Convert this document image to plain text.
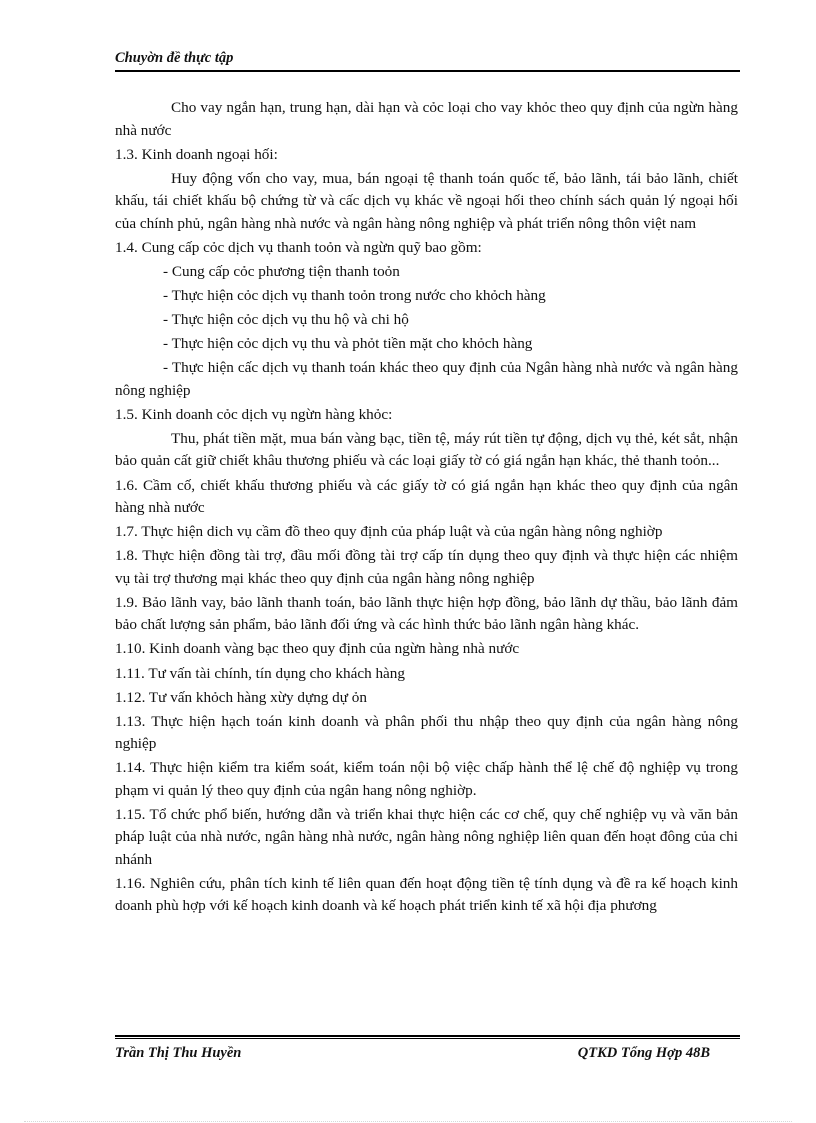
Chuyờn đề thực tập

Cho vay ngắn hạn, trung hạn, dài hạn và cỏc loại cho vay khỏc theo quy định của ngừn hàng nhà nước

1.3. Kinh doanh ngoại hối:

Huy động vốn cho vay, mua, bán ngoại tệ thanh toán quốc tế, bảo lãnh, tái bảo lãnh, chiết khấu, tái chiết khấu bộ chứng từ và cấc dịch vụ khác về ngoại hối theo chính sách quản lý ngoại hối của chính phủ, ngân hàng nhà nước và ngân hàng nông nghiệp và phát triển nông thôn việt nam

1.4. Cung cấp cỏc dịch vụ thanh toỏn và ngừn quỹ bao gồm:

- Cung cấp cỏc phương tiện thanh toỏn

- Thực hiện cỏc dịch vụ thanh toỏn trong nước cho khỏch hàng

- Thực hiện cỏc dịch vụ thu hộ và chi hộ

- Thực hiện cỏc dịch vụ thu và phỏt tiền mặt cho khỏch hàng

- Thực hiện cấc dịch vụ thanh toán khác theo quy định của Ngân hàng nhà nước và ngân hàng nông nghiệp

1.5. Kinh doanh cỏc dịch vụ ngừn hàng khỏc:

Thu, phát tiền mặt, mua bán vàng bạc, tiền tệ, máy rút tiền tự động, dịch vụ thẻ, két sắt, nhận bảo quản cất giữ chiết khâu thương phiếu và các loại giấy tờ có giá ngắn hạn khác, thẻ thanh toỏn...

1.6. Cầm cố, chiết khấu thương phiếu và các giấy tờ có giá ngắn hạn khác theo quy định của ngân hàng nhà nước

1.7. Thực hiện dich vụ cầm đồ theo quy định của pháp luật và của ngân hàng nông nghiờp

1.8. Thực hiện đồng tài trợ, đầu mối đồng tài trợ cấp tín dụng theo quy định và thực hiện các nhiệm vụ tài trợ thương mại khác theo quy định của ngân hàng nông nghiệp

1.9. Bảo lãnh vay, bảo lãnh thanh toán, bảo lãnh thực hiện hợp đồng, bảo lãnh dự thầu, bảo lãnh đảm bảo chất lượng sản phẩm, bảo lãnh đối ứng và các hình thức bảo lãnh ngân hàng khác.

1.10. Kinh doanh vàng bạc theo quy định của ngừn hàng nhà nước

1.11. Tư vấn tài chính, tín dụng cho khách hàng

1.12. Tư vấn khỏch hàng xừy dựng dự ỏn

1.13. Thực hiện hạch toán kinh doanh và phân phối thu nhập theo quy định của ngân hàng nông nghiệp

1.14. Thực hiện kiểm tra kiểm soát, kiểm toán nội bộ việc chấp hành thể lệ chế độ nghiệp vụ trong phạm vi quản lý theo quy định của ngân hang nông nghiờp.

1.15. Tổ chức phổ biến, hướng dẫn và triển khai thực hiện các cơ chế, quy chế nghiệp vụ và văn bản pháp luật của nhà nước, ngân hàng nhà nước, ngân hàng nông nghiệp liên quan đến hoạt đông của chi nhánh

1.16. Nghiên cứu, phân tích kinh tế liên quan đến hoạt động tiền tệ tính dụng và đề ra kế hoạch kinh doanh phù hợp với kế hoạch kinh doanh và kế hoạch phát triển kinh tế xã hội địa phương

Trần Thị Thu Huyền	QTKD Tổng Hợp 48B
